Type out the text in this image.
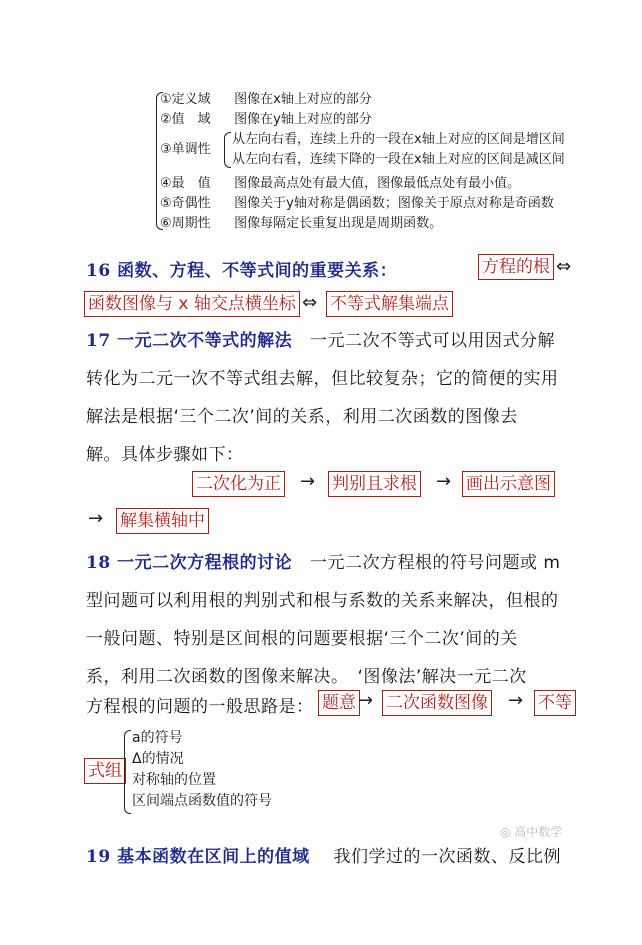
①定义域 图像在x轴上对应的部分
②值　域 图像在y轴上对应的部分
③单调性
从左向右看，连续上升的一段在x轴上对应的区间是增区间
从左向右看，连续下降的一段在x轴上对应的区间是减区间
④最　值 图像最高点处有最大值，图像最低点处有最小值。
⑤奇偶性 图像关于y轴对称是偶函数；图像关于原点对称是奇函数
⑥周期性 图像每隔定长重复出现是周期函数。
16 函数、方程、不等式间的重要关系：	方程的根 ⇔
函数图像与 x 轴交点横坐标 ⇔ 不等式解集端点
17 一元二次不等式的解法 一元二次不等式可以用因式分解
转化为二元一次不等式组去解，但比较复杂；它的简便的实用
解法是根据‘三个二次’间的关系，利用二次函数的图像去
解。具体步骤如下：
二次化为正 → 判别且求根 → 画出示意图
→ 解集横轴中
18 一元二次方程根的讨论 一元二次方程根的符号问题或 m
型问题可以利用根的判别式和根与系数的关系来解决，但根的
一般问题、特别是区间根的问题要根据‘三个二次’间的关
系，利用二次函数的图像来解决。　‘图像法’解决一元二次
方程根的问题的一般思路是： 题意 → 二次函数图像 → 不等
式组
a的符号
Δ的情况
对称轴的位置
区间端点函数值的符号
19 基本函数在区间上的值域 我们学过的一次函数、反比例
◎ 高中数学
